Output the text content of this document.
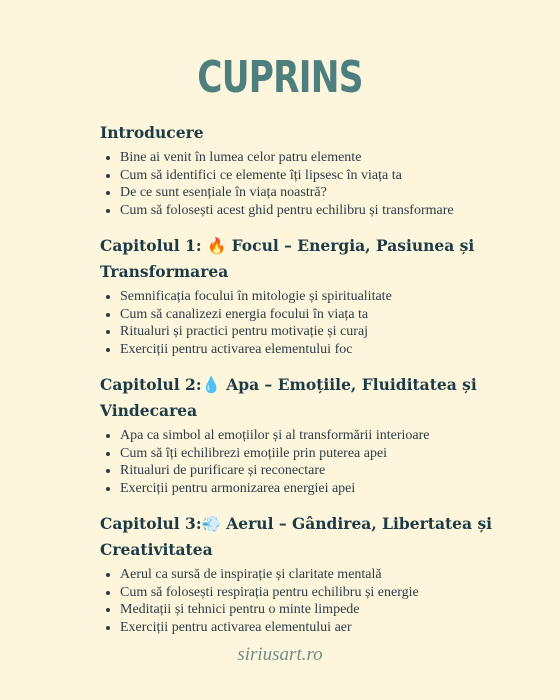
CUPRINS
Introducere
• Bine ai venit în lumea celor patru elemente
• Cum să identifici ce elemente îți lipsesc în viața ta
• De ce sunt esențiale în viața noastră?
• Cum să folosești acest ghid pentru echilibru și transformare
Capitolul 1: 🔥 Focul – Energia, Pasiunea și Transformarea
• Semnificația focului în mitologie și spiritualitate
• Cum să canalizezi energia focului în viața ta
• Ritualuri și practici pentru motivație și curaj
• Exerciții pentru activarea elementului foc
Capitolul 2:💧 Apa – Emoțiile, Fluiditatea și Vindecarea
• Apa ca simbol al emoțiilor și al transformării interioare
• Cum să îți echilibrezi emoțiile prin puterea apei
• Ritualuri de purificare și reconectare
• Exerciții pentru armonizarea energiei apei
Capitolul 3:💨 Aerul – Gândirea, Libertatea și Creativitatea
• Aerul ca sursă de inspirație și claritate mentală
• Cum să folosești respirația pentru echilibru și energie
• Meditații și tehnici pentru o minte limpede
• Exerciții pentru activarea elementului aer
siriusart.ro
